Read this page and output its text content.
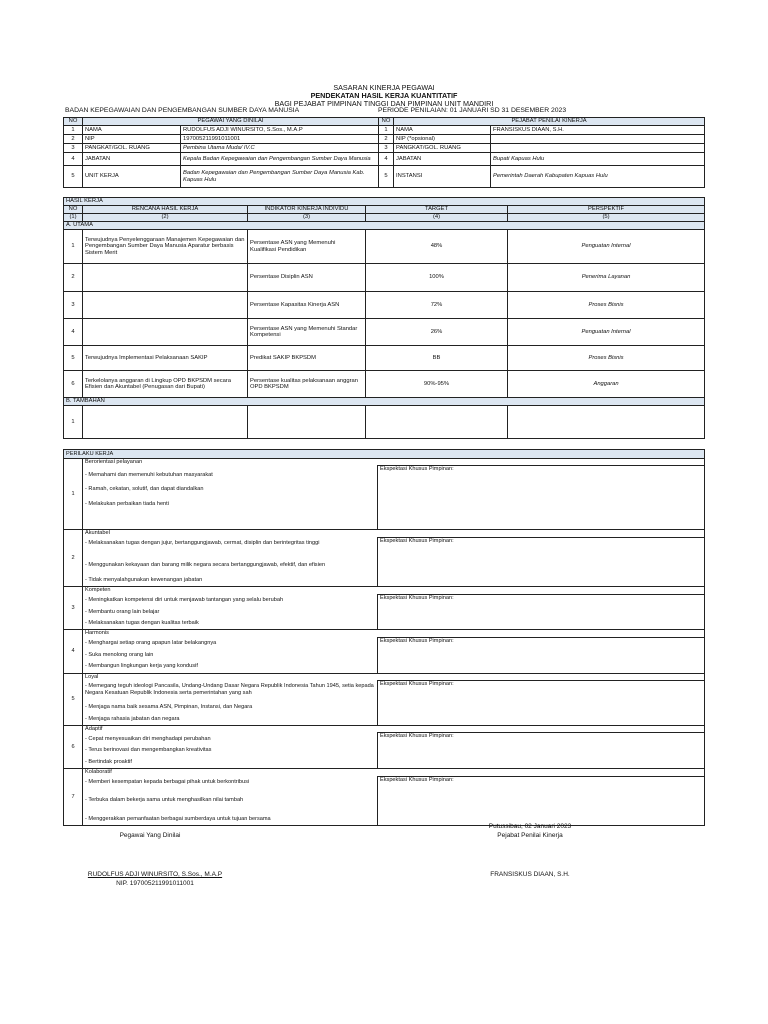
SASARAN KINERJA PEGAWAI
PENDEKATAN HASIL KERJA KUANTITATIF
BAGI PEJABAT PIMPINAN TINGGI DAN PIMPINAN UNIT MANDIRI
BADAN KEPEGAWAIAN DAN PENGEMBANGAN SUMBER DAYA MANUSIA	PERIODE PENILAIAN: 01 JANUARI SD 31 DESEMBER 2023
NO	PEGAWAI YANG DINILAI		NO	PEJABAT PENILAI KINERJA	
1	NAMA	RUDOLFUS ADJI WINURSITO, S.Sos., M.A.P	1	NAMA	FRANSISKUS DIAAN, S.H.
2	NIP	197005211991011001	2	NIP (*opsional)	
3	PANGKAT/GOL. RUANG	Pembina Utama Muda/ IV.C	3	PANGKAT/GOL. RUANG	
4	JABATAN	Kepala Badan Kepegawaian dan Pengembangan Sumber Daya Manusia	4	JABATAN	Bupati Kapuas Hulu
5	UNIT KERJA	Badan Kepegawaian dan Pengembangan Sumber Daya Manusia Kab. Kapuas Hulu	5	INSTANSI	Pemerintah Daerah Kabupaten Kapuas Hulu
HASIL KERJA				
NO	RENCANA HASIL KERJA	INDIKATOR KINERJA INDIVIDU	TARGET	PERSPEKTIF
(1)	(2)	(3)	(4)	(5)
A. UTAMA				
1	Terwujudnya Penyelenggaraan Manajemen Kepegawaian dan Pengembangan Sumber Daya Manusia Aparatur berbasis Sistem Merit	Persentase ASN yang Memenuhi Kualifikasi Pendidikan	48%	Penguatan Internal
2		Persentase Disiplin ASN	100%	Penerima Layanan
3		Persentase Kapasitas Kinerja ASN	72%	Proses Bisnis
4		Persentase ASN yang Memenuhi Standar Kompetensi	26%	Penguatan Internal
5	Terwujudnya Implementasi Pelaksanaan SAKIP	Predikat SAKIP BKPSDM	BB	Proses Bisnis
6	Terkelolanya anggaran di Lingkup OPD BKPSDM secara Efisien dan Akuntabel (Penugasan dari Bupati)	Persentase kualitas pelaksanaan anggran OPD BKPSDM	90%-95%	Anggaran
B. TAMBAHAN				
1				
PERILAKU KERJA		
1	Berorientasi pelayanan	
	- Memahami dan memenuhi kebutuhan masyarakat	Ekspektasi Khusus Pimpinan:
	- Ramah, cekatan, solutif, dan dapat diandalkan	
	- Melakukan perbaikan tiada henti	
2	Akuntabel	
	- Melaksanakan tugas dengan jujur, bertanggungjawab, cermat, disiplin dan berintegritas tinggi	Ekspektasi Khusus Pimpinan:
	- Menggunakan kekayaan dan barang milik negara secara bertanggungjawab, efektif, dan efisien	
	- Tidak menyalahgunakan kewenangan jabatan	
3	Kompeten	
	- Meningkatkan kompetensi diri untuk menjawab tantangan yang selalu berubah	Ekspektasi Khusus Pimpinan:
	- Membantu orang lain belajar	
	- Melaksanakan tugas dengan kualitas terbaik	
4	Harmonis	
	- Menghargai setiap orang apapun latar belakangnya	Ekspektasi Khusus Pimpinan:
	- Suka menolong orang lain	
	- Membangun lingkungan kerja yang kondusif	
5	Loyal	
	- Memegang teguh ideologi Pancasila, Undang-Undang Dasar Negara Republik Indonesia Tahun 1945, setia kepada Negara Kesatuan Republik Indonesia serta pemerintahan yang sah	Ekspektasi Khusus Pimpinan:
	- Menjaga nama baik sesama ASN, Pimpinan, Instansi, dan Negara	
	- Menjaga rahasia jabatan dan negara	
6	Adaptif	
	- Cepat menyesuaikan diri menghadapi perubahan	Ekspektasi Khusus Pimpinan:
	- Terus berinovasi dan mengembangkan kreativitas	
	- Bertindak proaktif	
7	Kolaboratif	
	- Memberi kesempatan kepada berbagai pihak untuk berkontribusi	Ekspektasi Khusus Pimpinan:
	- Terbuka dalam bekerja sama untuk menghasilkan nilai tambah	
	- Menggerakkan pemanfaatan berbagai sumberdaya untuk tujuan bersama	
Putussibau, 02 Januari 2023
Pejabat Penilai Kinerja
Pegawai Yang Dinilai
RUDOLFUS ADJI WINURSITO, S.Sos., M.A.P
NIP. 197005211991011001
FRANSISKUS DIAAN, S.H.
